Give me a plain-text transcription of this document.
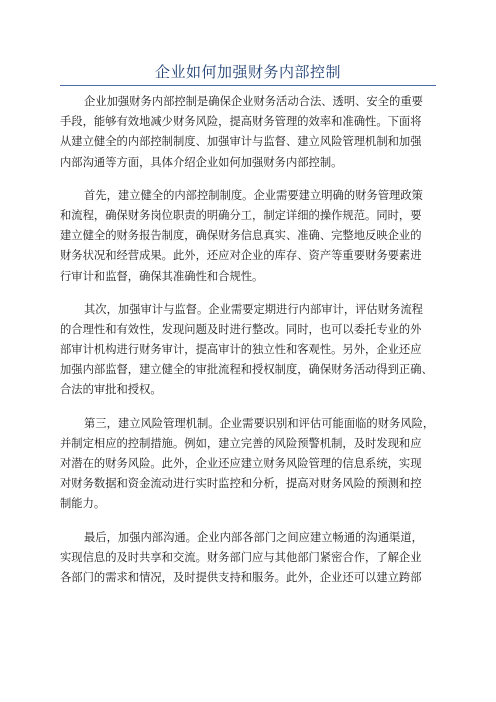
企业如何加强财务内部控制

企业加强财务内部控制是确保企业财务活动合法、透明、安全的重要
手段，能够有效地减少财务风险，提高财务管理的效率和准确性。下面将
从建立健全的内部控制制度、加强审计与监督、建立风险管理机制和加强
内部沟通等方面，具体介绍企业如何加强财务内部控制。

首先，建立健全的内部控制制度。企业需要建立明确的财务管理政策
和流程，确保财务岗位职责的明确分工，制定详细的操作规范。同时，要
建立健全的财务报告制度，确保财务信息真实、准确、完整地反映企业的
财务状况和经营成果。此外，还应对企业的库存、资产等重要财务要素进
行审计和监督，确保其准确性和合规性。

其次，加强审计与监督。企业需要定期进行内部审计，评估财务流程
的合理性和有效性，发现问题及时进行整改。同时，也可以委托专业的外
部审计机构进行财务审计，提高审计的独立性和客观性。另外，企业还应
加强内部监督，建立健全的审批流程和授权制度，确保财务活动得到正确、
合法的审批和授权。

第三，建立风险管理机制。企业需要识别和评估可能面临的财务风险，
并制定相应的控制措施。例如，建立完善的风险预警机制，及时发现和应
对潜在的财务风险。此外，企业还应建立财务风险管理的信息系统，实现
对财务数据和资金流动进行实时监控和分析，提高对财务风险的预测和控
制能力。

最后，加强内部沟通。企业内部各部门之间应建立畅通的沟通渠道，
实现信息的及时共享和交流。财务部门应与其他部门紧密合作，了解企业
各部门的需求和情况，及时提供支持和服务。此外，企业还可以建立跨部
